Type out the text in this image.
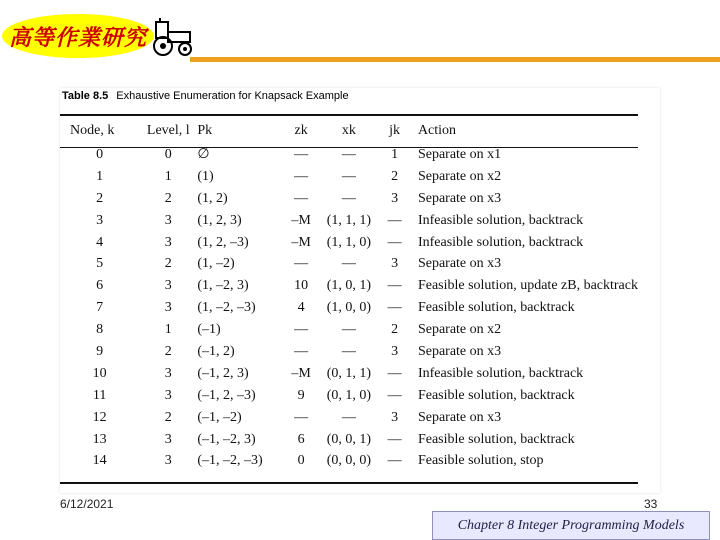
高等作業研究
Table 8.5 Exhaustive Enumeration for Knapsack Example
Node, k	Level, l	Pk	zk	xk	jk	Action
0	0	∅	—	—	1	Separate on x1
1	1	(1)	—	—	2	Separate on x2
2	2	(1, 2)	—	—	3	Separate on x3
3	3	(1, 2, 3)	–M	(1, 1, 1)	—	Infeasible solution, backtrack
4	3	(1, 2, –3)	–M	(1, 1, 0)	—	Infeasible solution, backtrack
5	2	(1, –2)	—	—	3	Separate on x3
6	3	(1, –2, 3)	10	(1, 0, 1)	—	Feasible solution, update zB, backtrack
7	3	(1, –2, –3)	4	(1, 0, 0)	—	Feasible solution, backtrack
8	1	(–1)	—	—	2	Separate on x2
9	2	(–1, 2)	—	—	3	Separate on x3
10	3	(–1, 2, 3)	–M	(0, 1, 1)	—	Infeasible solution, backtrack
11	3	(–1, 2, –3)	9	(0, 1, 0)	—	Feasible solution, backtrack
12	2	(–1, –2)	—	—	3	Separate on x3
13	3	(–1, –2, 3)	6	(0, 0, 1)	—	Feasible solution, backtrack
14	3	(–1, –2, –3)	0	(0, 0, 0)	—	Feasible solution, stop
6/12/2021	33
Chapter 8 Integer Programming Models
